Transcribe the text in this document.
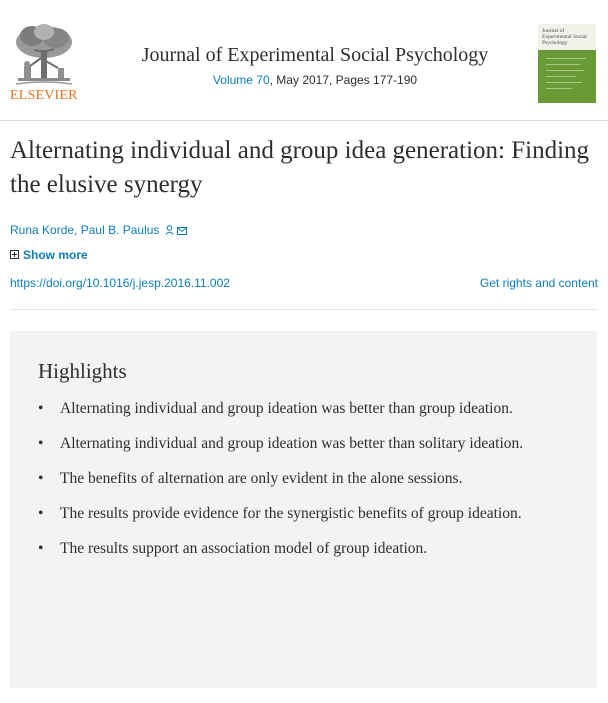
ELSEVIER
Journal of Experimental Social Psychology
Volume 70, May 2017, Pages 177-190
Journal of Experimental Social Psychology
Alternating individual and group idea generation: Finding the elusive synergy
Runa Korde, Paul B. Paulus
Show more
https://doi.org/10.1016/j.jesp.2016.11.002	Get rights and content
Highlights
• Alternating individual and group ideation was better than group ideation.
• Alternating individual and group ideation was better than solitary ideation.
• The benefits of alternation are only evident in the alone sessions.
• The results provide evidence for the synergistic benefits of group ideation.
• The results support an association model of group ideation.
